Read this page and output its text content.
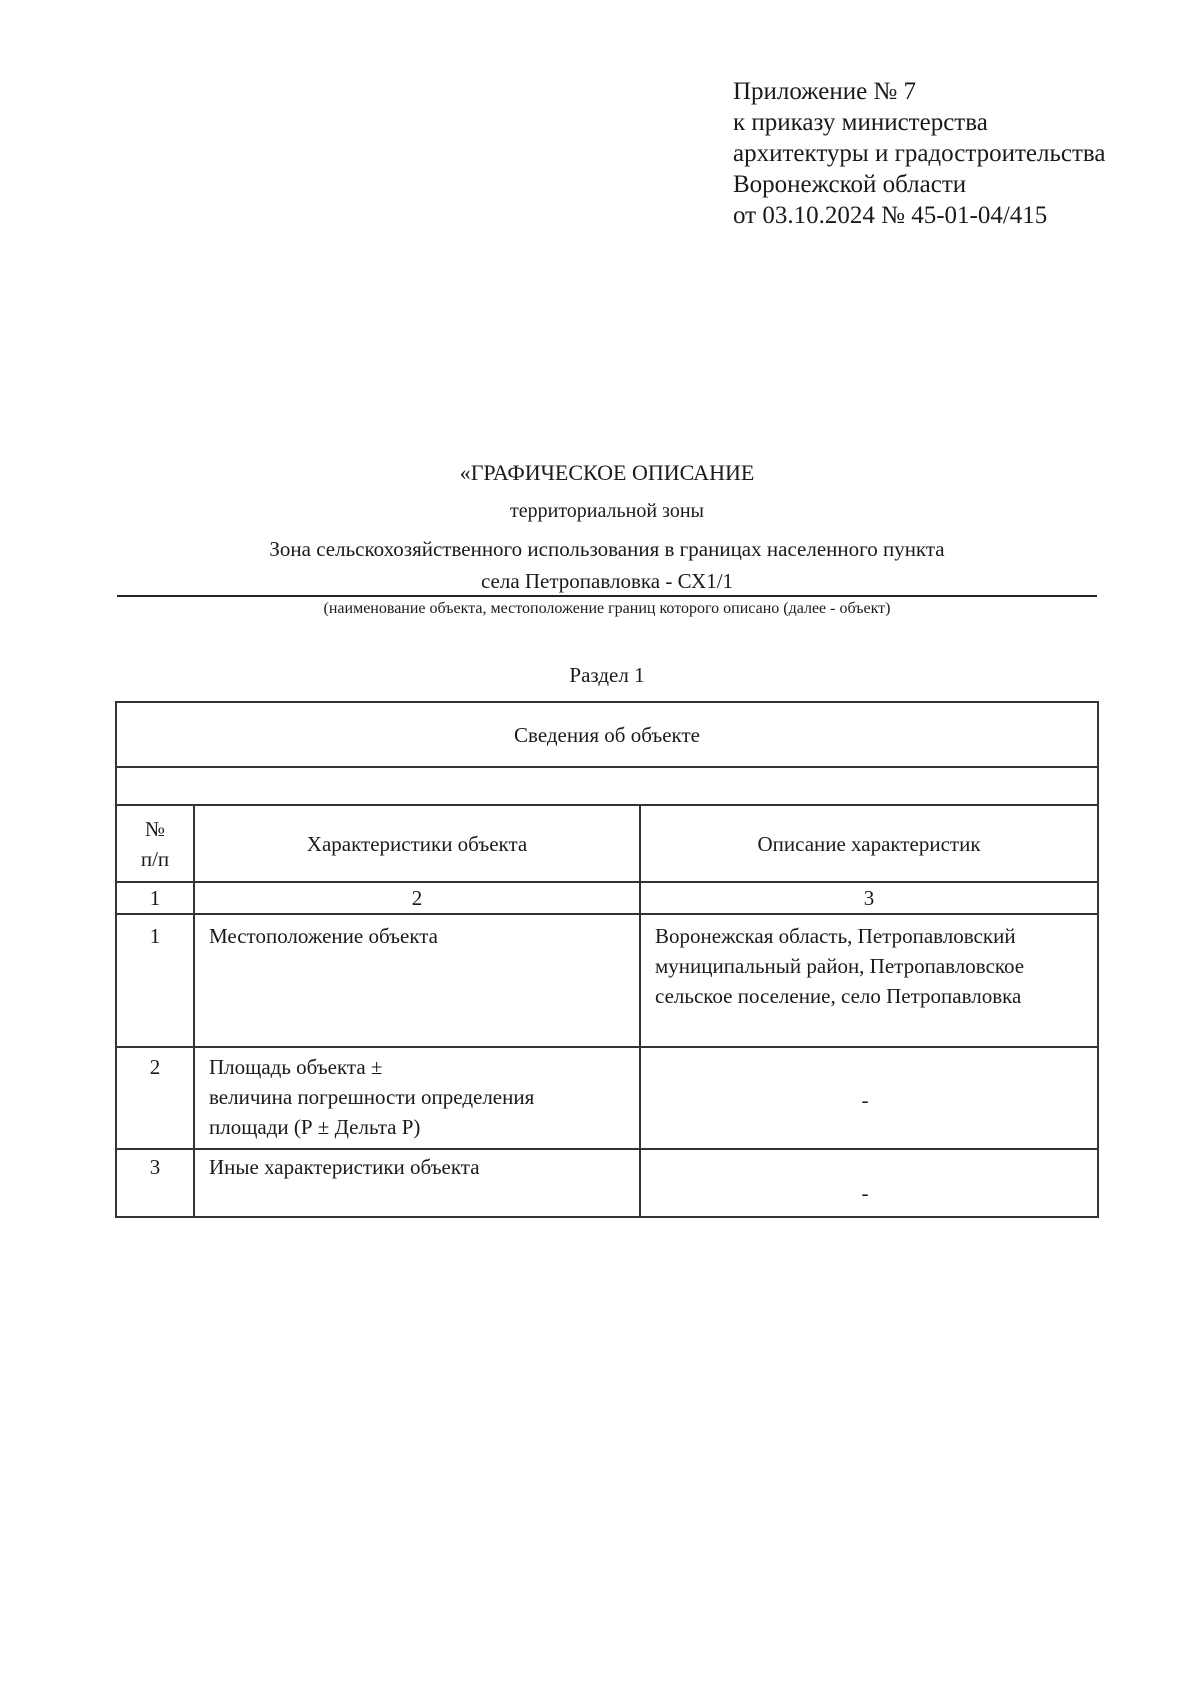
Приложение № 7
к приказу министерства
архитектуры и градостроительства
Воронежской области
от 03.10.2024 № 45-01-04/415
«ГРАФИЧЕСКОЕ ОПИСАНИЕ
территориальной зоны
Зона сельскохозяйственного использования в границах населенного пункта
села Петропавловка - СХ1/1
(наименование объекта, местоположение границ которого описано (далее - объект)
Раздел 1
Сведения об объекте		

№
п/п	Характеристики объекта	Описание характеристик
1	2	3
1	Местоположение объекта	Воронежская область, Петропавловский
муниципальный район, Петропавловское
сельское поселение, село Петропавловка

2	Площадь объекта ±
величина погрешности определения
площади (Р ± Дельта Р)	-
3	Иные характеристики объекта	-
